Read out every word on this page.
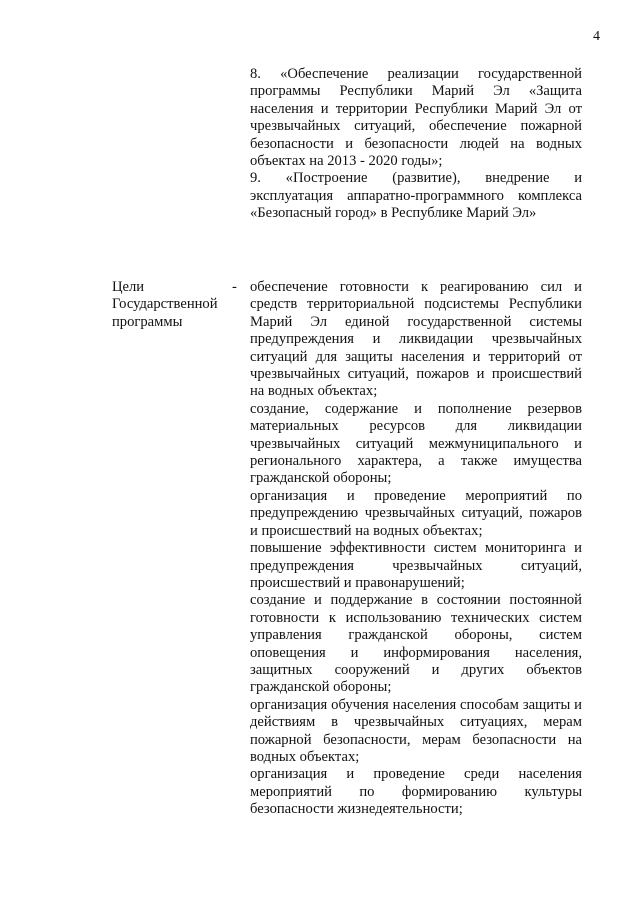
4

8. «Обеспечение реализации государственной программы Республики Марий Эл «Защита населения и территории Республики Марий Эл от чрезвычайных ситуаций, обеспечение пожарной безопасности и безопасности людей на водных объектах на 2013 - 2020 годы»;

9. «Построение (развитие), внедрение и эксплуатация аппаратно-программного комплекса «Безопасный город» в Республике Марий Эл»

Цели Государственной программы

- обеспечение готовности к реагированию сил и средств территориальной подсистемы Республики Марий Эл единой государственной системы предупреждения и ликвидации чрезвычайных ситуаций для защиты населения и территорий от чрезвычайных ситуаций, пожаров и происшествий на водных объектах;

создание, содержание и пополнение резервов материальных ресурсов для ликвидации чрезвычайных ситуаций межмуниципального и регионального характера, а также имущества гражданской обороны;

организация и проведение мероприятий по предупреждению чрезвычайных ситуаций, пожаров и происшествий на водных объектах;

повышение эффективности систем мониторинга и предупреждения чрезвычайных ситуаций, происшествий и правонарушений;

создание и поддержание в состоянии постоянной готовности к использованию технических систем управления гражданской обороны, систем оповещения и информирования населения, защитных сооружений и других объектов гражданской обороны;

организация обучения населения способам защиты и действиям в чрезвычайных ситуациях, мерам пожарной безопасности, мерам безопасности на водных объектах;

организация и проведение среди населения мероприятий по формированию культуры безопасности жизнедеятельности;
